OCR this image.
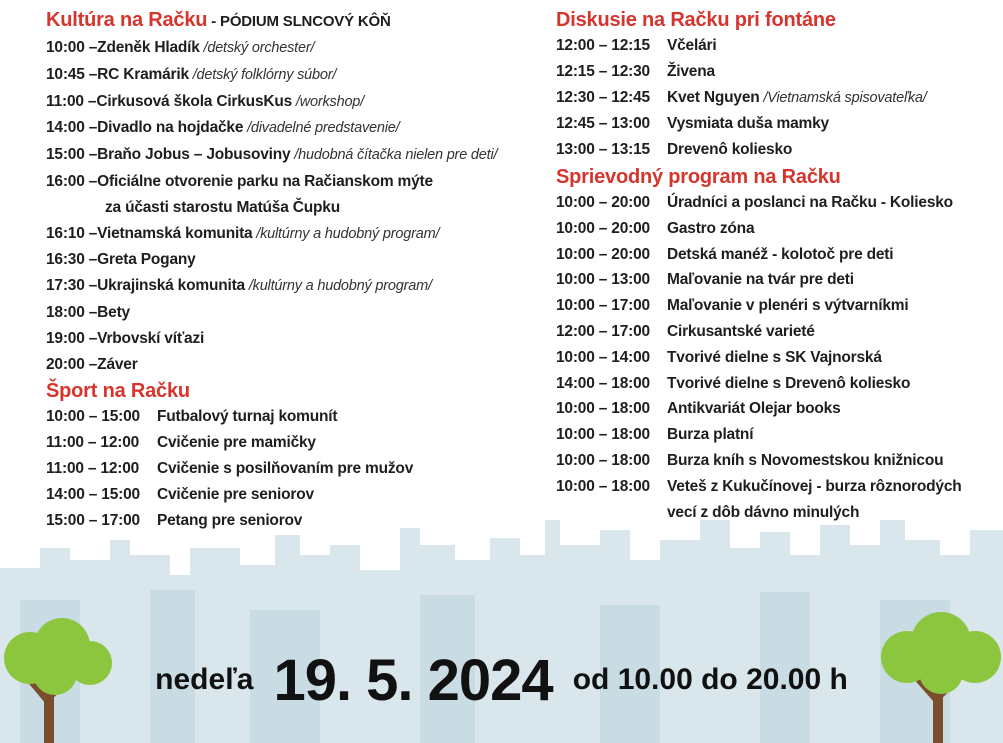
Kultúra na Račku - PÓDIUM SLNCOVÝ KÔŇ
10:00 – Zdeněk Hladík /detský orchester/
10:45 – RC Kramárik /detský folklórny súbor/
11:00 – Cirkusová škola CirkusKus /workshop/
14:00 – Divadlo na hojdačke /divadelné predstavenie/
15:00 – Braňo Jobus – Jobusoviny /hudobná čítačka nielen pre deti/
16:00 – Oficiálne otvorenie parku na Račianskom mýte
za účasti starostu Matúša Čupku
16:10 – Vietnamská komunita /kultúrny a hudobný program/
16:30 – Greta Pogany
17:30 – Ukrajinská komunita /kultúrny a hudobný program/
18:00 – Bety
19:00 – Vrbovskí víťazi
20:00 – Záver
Šport na Račku
10:00 – 15:00	Futbalový turnaj komunít
11:00 – 12:00	Cvičenie pre mamičky
11:00 – 12:00	Cvičenie s posilňovaním pre mužov
14:00 – 15:00	Cvičenie pre seniorov
15:00 – 17:00	Petang pre seniorov
Diskusie na Račku pri fontáne
12:00 – 12:15	Včelári
12:15 – 12:30	Živena
12:30 – 12:45	Kvet Nguyen /Vietnamská spisovateľka/
12:45 – 13:00	Vysmiata duša mamky
13:00 – 13:15	Drevenô koliesko
Sprievodný program na Račku
10:00 – 20:00	Úradníci a poslanci na Račku - Koliesko
10:00 – 20:00	Gastro zóna
10:00 – 20:00	Detská manéž - kolotoč pre deti
10:00 – 13:00	Maľovanie na tvár pre deti
10:00 – 17:00	Maľovanie v plenéri s výtvarníkmi
12:00 – 17:00	Cirkusantské varieté
10:00 – 14:00	Tvorivé dielne s SK Vajnorská
14:00 – 18:00	Tvorivé dielne s Drevenô koliesko
10:00 – 18:00	Antikvariát Olejar books
10:00 – 18:00	Burza platní
10:00 – 18:00	Burza kníh s Novomestskou knižnicou
10:00 – 18:00	Veteš z Kukučínovej - burza rôznorodých
vecí z dôb dávno minulých
nedeľa 19. 5. 2024 od 10.00 do 20.00 h
